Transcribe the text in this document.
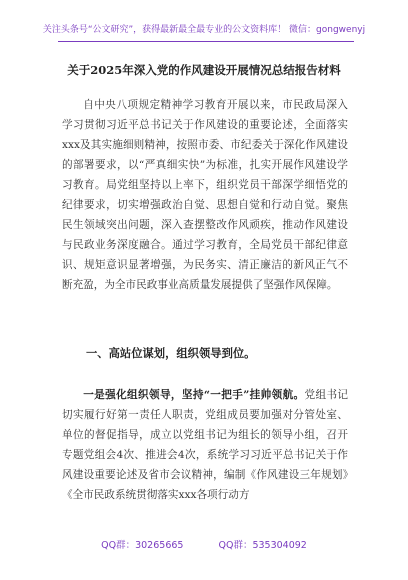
关注头条号“公文研究”，获得最新最全最专业的公文资料库！ 微信：gongwenyj
关于2025年深入党的作风建设开展情况总结报告材料

自中央八项规定精神学习教育开展以来，市民政局深入学习贯彻习近平总书记关于作风建设的重要论述，全面落实xxx及其实施细则精神，按照市委、市纪委关于深化作风建设的部署要求，以“严真细实快”为标准，扎实开展作风建设学习教育。局党组坚持以上率下，组织党员干部深学细悟党的纪律要求，切实增强政治自觉、思想自觉和行动自觉。聚焦民生领域突出问题，深入查摆整改作风顽疾，推动作风建设与民政业务深度融合。通过学习教育，全局党员干部纪律意识、规矩意识显著增强，为民务实、清正廉洁的新风正气不断充盈，为全市民政事业高质量发展提供了坚强作风保障。

一、高站位谋划，组织领导到位。

一是强化组织领导，坚持“一把手”挂帅领航。党组书记切实履行好第一责任人职责，党组成员要加强对分管处室、单位的督促指导，成立以党组书记为组长的领导小组，召开专题党组会4次、推进会4次，系统学习习近平总书记关于作风建设重要论述及省市会议精神，编制《作风建设三年规划》《全市民政系统贯彻落实xxx各项行动方

QQ群：30265665	QQ群：535304092
